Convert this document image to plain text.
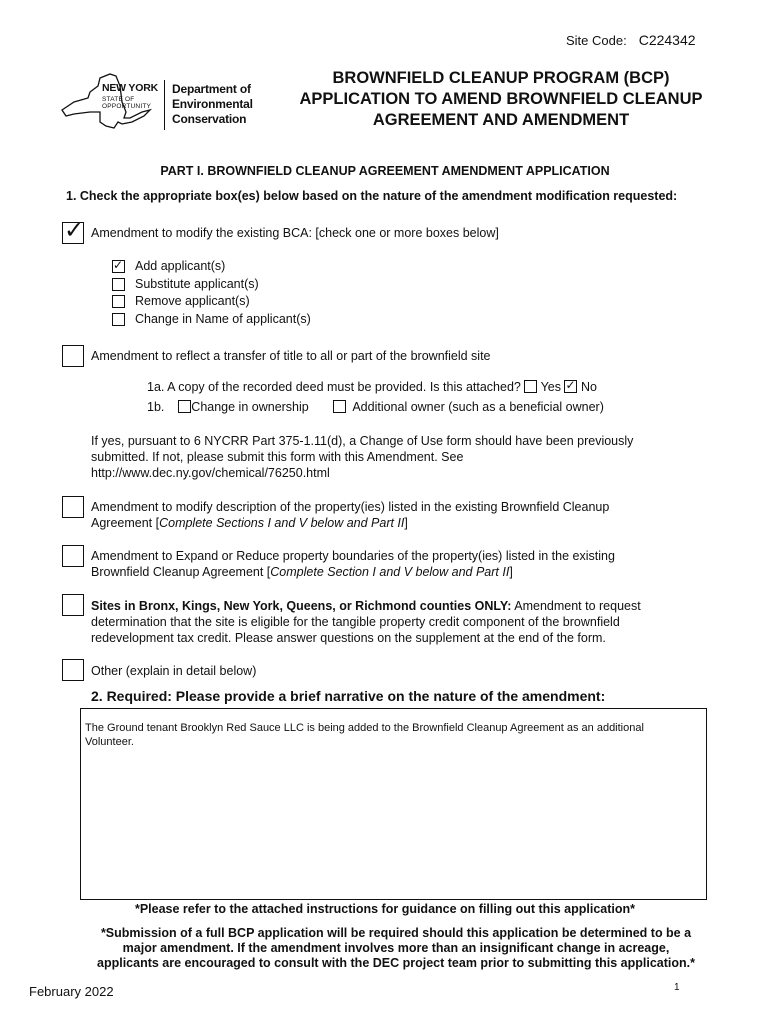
Site Code: C224342
NEW YORK
STATE OF
OPPORTUNITY
Department of
Environmental
Conservation
BROWNFIELD CLEANUP PROGRAM (BCP)
APPLICATION TO AMEND BROWNFIELD CLEANUP
AGREEMENT AND AMENDMENT
PART I. BROWNFIELD CLEANUP AGREEMENT AMENDMENT APPLICATION
1. Check the appropriate box(es) below based on the nature of the amendment modification requested:
✓ Amendment to modify the existing BCA: [check one or more boxes below]
✓ Add applicant(s)
Substitute applicant(s)
Remove applicant(s)
Change in Name of applicant(s)
Amendment to reflect a transfer of title to all or part of the brownfield site
1a. A copy of the recorded deed must be provided. Is this attached? Yes ✓ No
1b. Change in ownership	Additional owner (such as a beneficial owner)
If yes, pursuant to 6 NYCRR Part 375-1.11(d), a Change of Use form should have been previously
submitted. If not, please submit this form with this Amendment. See
http://www.dec.ny.gov/chemical/76250.html
Amendment to modify description of the property(ies) listed in the existing Brownfield Cleanup
Agreement [Complete Sections I and V below and Part II]
Amendment to Expand or Reduce property boundaries of the property(ies) listed in the existing
Brownfield Cleanup Agreement [Complete Section I and V below and Part II]
Sites in Bronx, Kings, New York, Queens, or Richmond counties ONLY: Amendment to request
determination that the site is eligible for the tangible property credit component of the brownfield
redevelopment tax credit. Please answer questions on the supplement at the end of the form.
Other (explain in detail below)
2. Required: Please provide a brief narrative on the nature of the amendment:
The Ground tenant Brooklyn Red Sauce LLC is being added to the Brownfield Cleanup Agreement as an additional Volunteer.
*Please refer to the attached instructions for guidance on filling out this application*
*Submission of a full BCP application will be required should this application be determined to be a
major amendment. If the amendment involves more than an insignificant change in acreage,
applicants are encouraged to consult with the DEC project team prior to submitting this application.*
February 2022	1
